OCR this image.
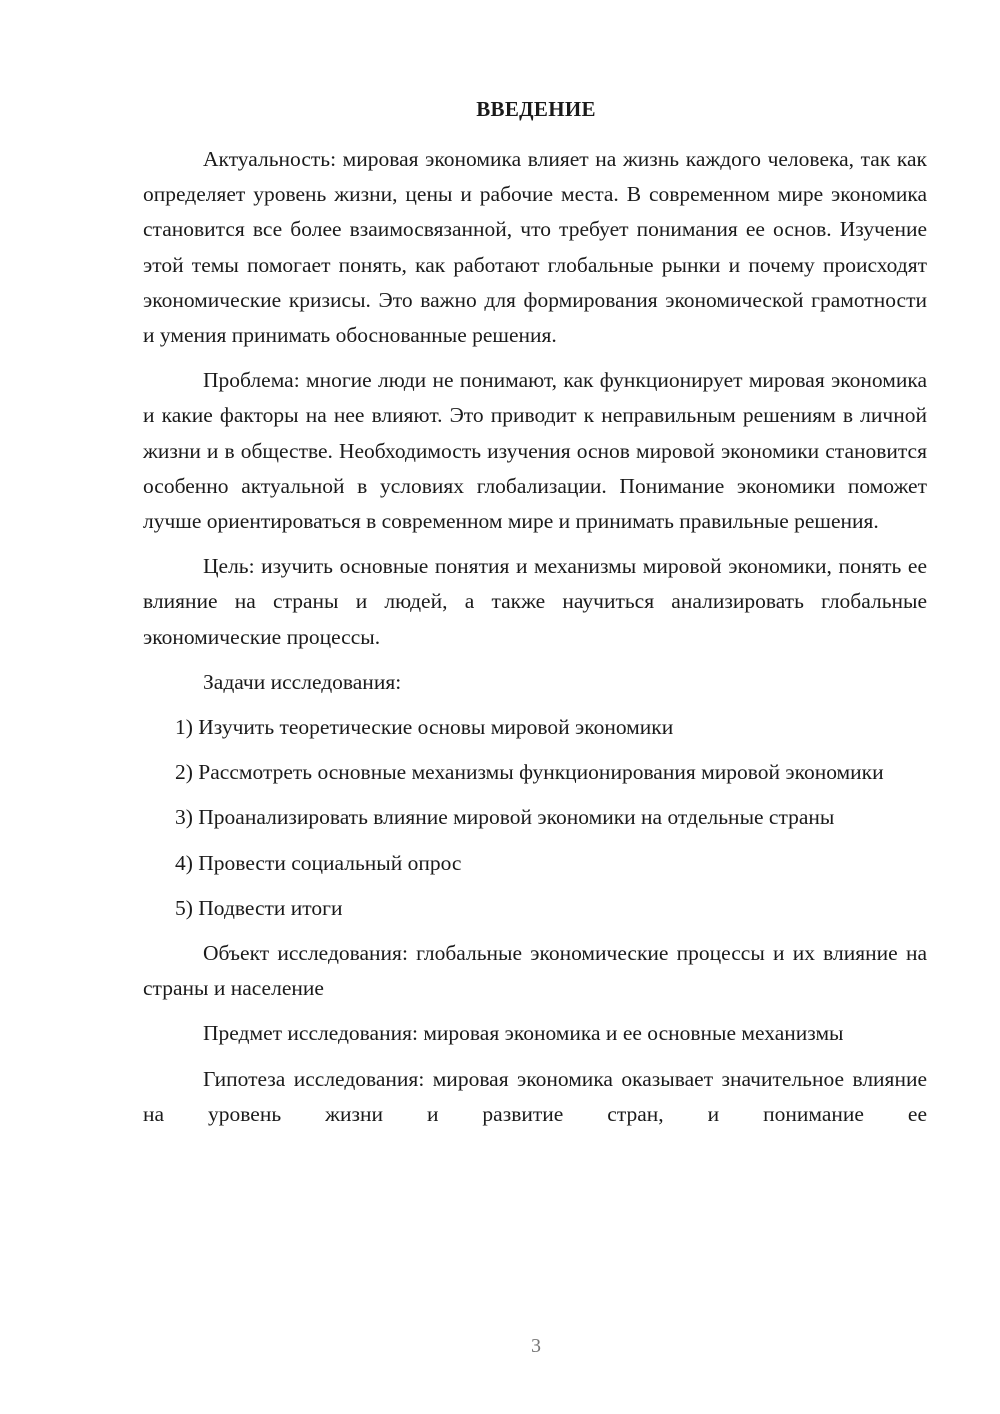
ВВЕДЕНИЕ

Актуальность: мировая экономика влияет на жизнь каждого человека, так как определяет уровень жизни, цены и рабочие места. В современном мире экономика становится все более взаимосвязанной, что требует понимания ее основ. Изучение этой темы помогает понять, как работают глобальные рынки и почему происходят экономические кризисы. Это важно для формирования экономической грамотности и умения принимать обоснованные решения.

Проблема: многие люди не понимают, как функционирует мировая экономика и какие факторы на нее влияют. Это приводит к неправильным решениям в личной жизни и в обществе. Необходимость изучения основ мировой экономики становится особенно актуальной в условиях глобализации. Понимание экономики поможет лучше ориентироваться в современном мире и принимать правильные решения.

Цель: изучить основные понятия и механизмы мировой экономики, понять ее влияние на страны и людей, а также научиться анализировать глобальные экономические процессы.

Задачи исследования:

1) Изучить теоретические основы мировой экономики

2) Рассмотреть основные механизмы функционирования мировой экономики

3) Проанализировать влияние мировой экономики на отдельные страны

4) Провести социальный опрос

5) Подвести итоги

Объект исследования: глобальные экономические процессы и их влияние на страны и население

Предмет исследования: мировая экономика и ее основные механизмы

Гипотеза исследования: мировая экономика оказывает значительное влияние на уровень жизни и развитие стран, и понимание ее

3
